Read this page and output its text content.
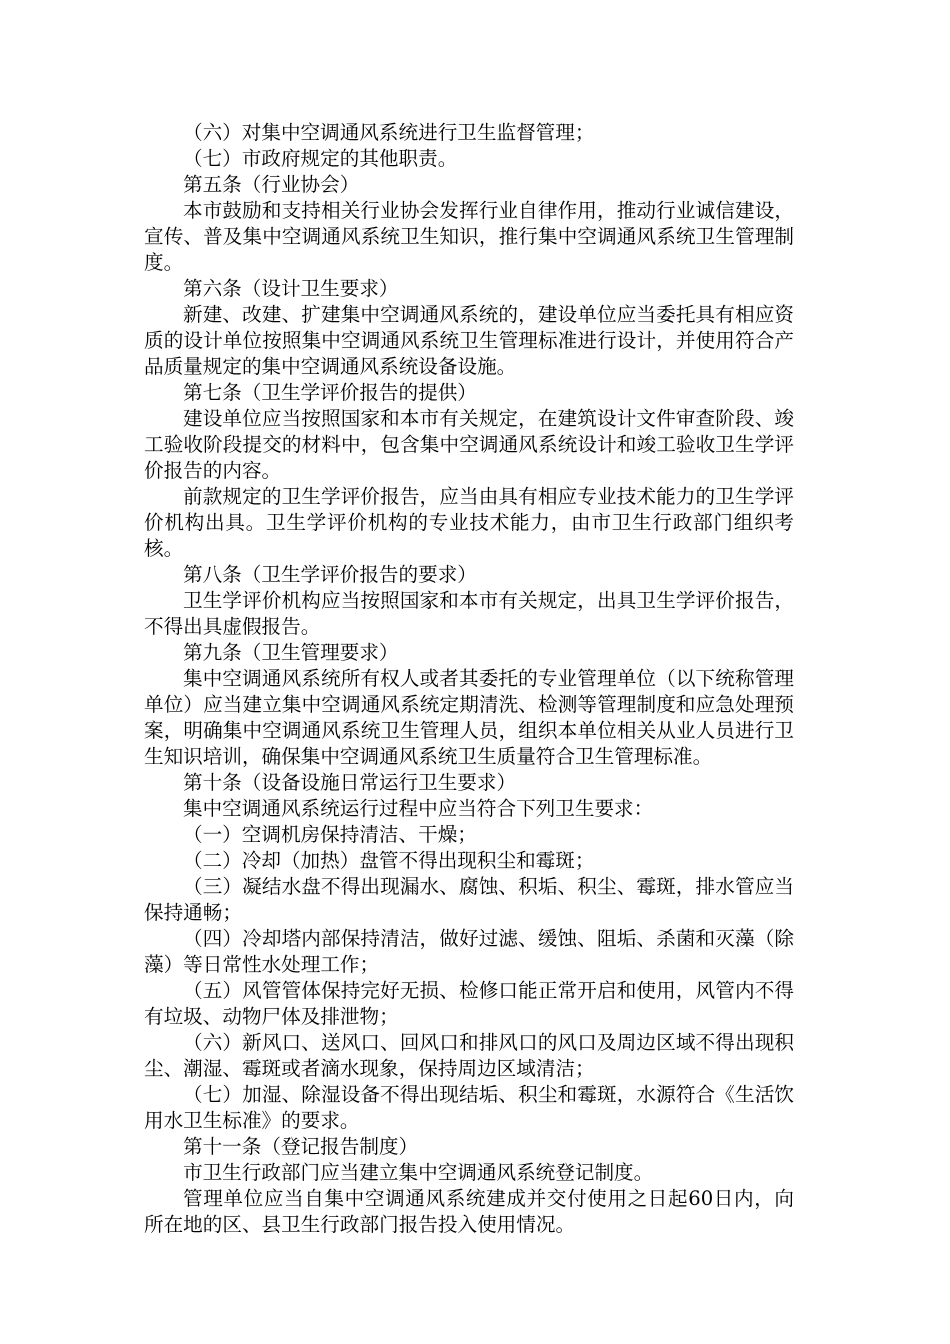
（六）对集中空调通风系统进行卫生监督管理；

（七）市政府规定的其他职责。

第五条（行业协会）

本市鼓励和支持相关行业协会发挥行业自律作用，推动行业诚信建设，宣传、普及集中空调通风系统卫生知识，推行集中空调通风系统卫生管理制度。

第六条（设计卫生要求）

新建、改建、扩建集中空调通风系统的，建设单位应当委托具有相应资质的设计单位按照集中空调通风系统卫生管理标准进行设计，并使用符合产品质量规定的集中空调通风系统设备设施。

第七条（卫生学评价报告的提供）

建设单位应当按照国家和本市有关规定，在建筑设计文件审查阶段、竣工验收阶段提交的材料中，包含集中空调通风系统设计和竣工验收卫生学评价报告的内容。

前款规定的卫生学评价报告，应当由具有相应专业技术能力的卫生学评价机构出具。卫生学评价机构的专业技术能力，由市卫生行政部门组织考核。

第八条（卫生学评价报告的要求）

卫生学评价机构应当按照国家和本市有关规定，出具卫生学评价报告，不得出具虚假报告。

第九条（卫生管理要求）

集中空调通风系统所有权人或者其委托的专业管理单位（以下统称管理单位）应当建立集中空调通风系统定期清洗、检测等管理制度和应急处理预案，明确集中空调通风系统卫生管理人员，组织本单位相关从业人员进行卫生知识培训，确保集中空调通风系统卫生质量符合卫生管理标准。

第十条（设备设施日常运行卫生要求）

集中空调通风系统运行过程中应当符合下列卫生要求：

（一）空调机房保持清洁、干燥；

（二）冷却（加热）盘管不得出现积尘和霉斑；

（三）凝结水盘不得出现漏水、腐蚀、积垢、积尘、霉斑，排水管应当保持通畅；

（四）冷却塔内部保持清洁，做好过滤、缓蚀、阻垢、杀菌和灭藻（除藻）等日常性水处理工作；

（五）风管管体保持完好无损、检修口能正常开启和使用，风管内不得有垃圾、动物尸体及排泄物；

（六）新风口、送风口、回风口和排风口的风口及周边区域不得出现积尘、潮湿、霉斑或者滴水现象，保持周边区域清洁；

（七）加湿、除湿设备不得出现结垢、积尘和霉斑，水源符合《生活饮用水卫生标准》的要求。

第十一条（登记报告制度）

市卫生行政部门应当建立集中空调通风系统登记制度。

管理单位应当自集中空调通风系统建成并交付使用之日起60日内，向所在地的区、县卫生行政部门报告投入使用情况。
